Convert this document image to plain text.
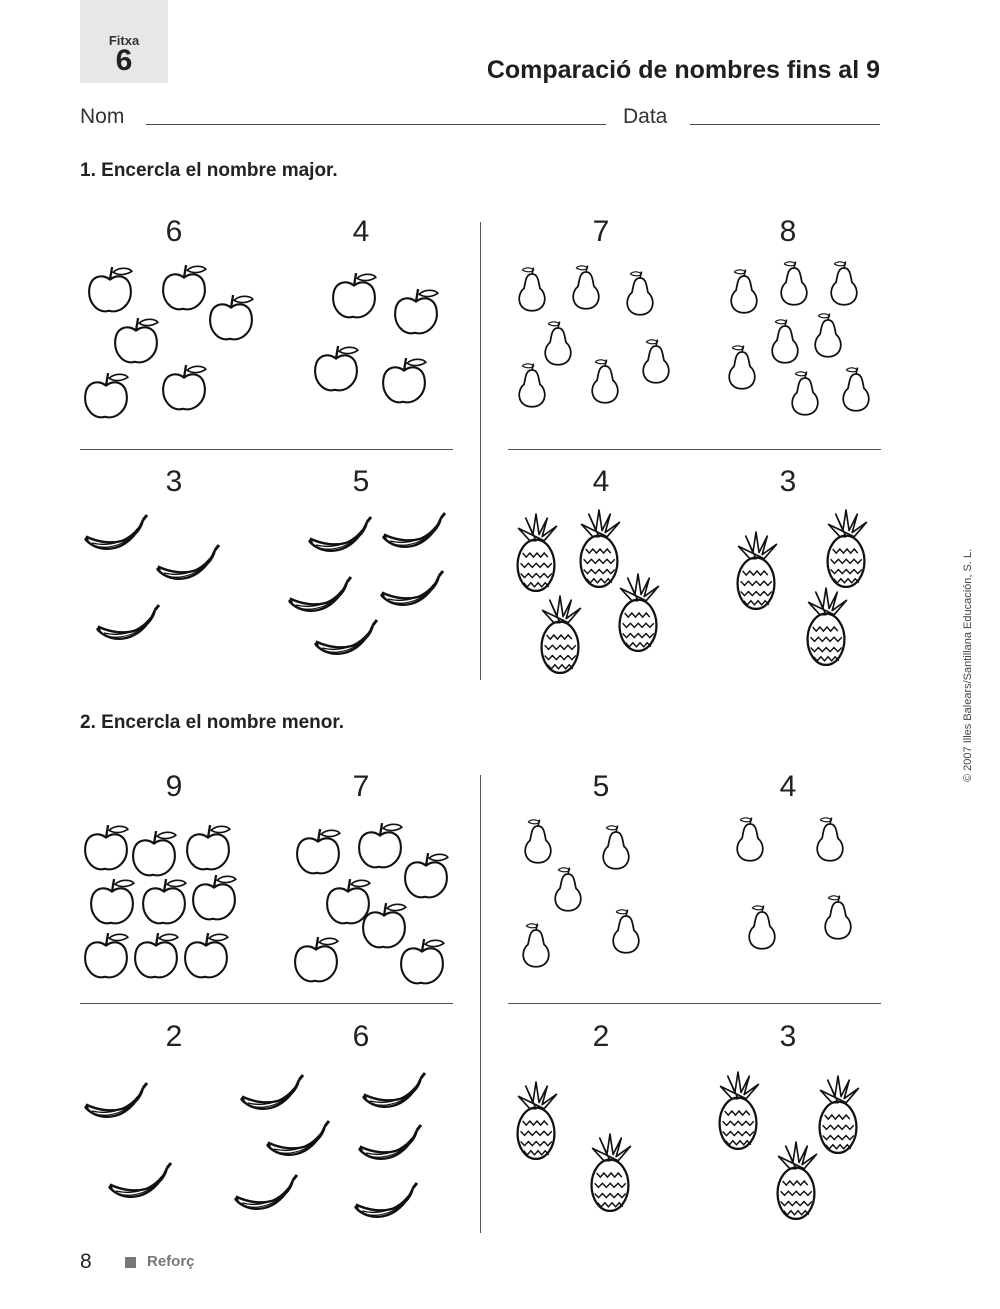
Fitxa
6	Comparació de nombres fins al 9
Nom	Data
1. Encercla el nombre major.
6	4	7	8
3	5	4	3
2. Encercla el nombre menor.
9	7	5	4
2	6	2	3
8	Reforç
© 2007 Illes Balears/Santillana Educación, S. L.
